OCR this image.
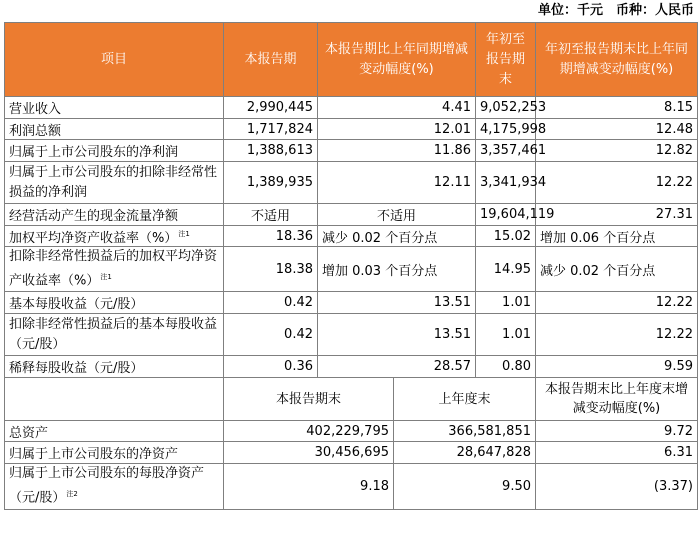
单位：千元　币种：人民币
项目	本报告期	本报告期比上年同期增减变动幅度(%)		年初至报告期末	年初至报告期末比上年同期增减变动幅度(%)
营业收入	2,990,445	4.41		9,052,253	8.15
利润总额	1,717,824	12.01		4,175,998	12.48
归属于上市公司股东的净利润	1,388,613	11.86		3,357,461	12.82
归属于上市公司股东的扣除非经常性损益的净利润	1,389,935	12.11		3,341,934	12.22
经营活动产生的现金流量净额	不适用	不适用		19,604,119	27.31
加权平均净资产收益率（%）$^{注1}$	18.36	减少 0.02 个百分点		15.02	增加 0.06 个百分点
扣除非经常性损益后的加权平均净资产收益率（%）$^{注1}$	18.38	增加 0.03 个百分点		14.95	减少 0.02 个百分点
基本每股收益（元/股）	0.42	13.51		1.01	12.22
扣除非经常性损益后的基本每股收益（元/股）	0.42	13.51		1.01	12.22
稀释每股收益（元/股）	0.36	28.57		0.80	9.59
	本报告期末		上年度末		本报告期末比上年度末增减变动幅度(%)
总资产	402,229,795		366,581,851		9.72
归属于上市公司股东的净资产	30,456,695		28,647,828		6.31
归属于上市公司股东的每股净资产（元/股）$^{注2}$	9.18		9.50		(3.37)
